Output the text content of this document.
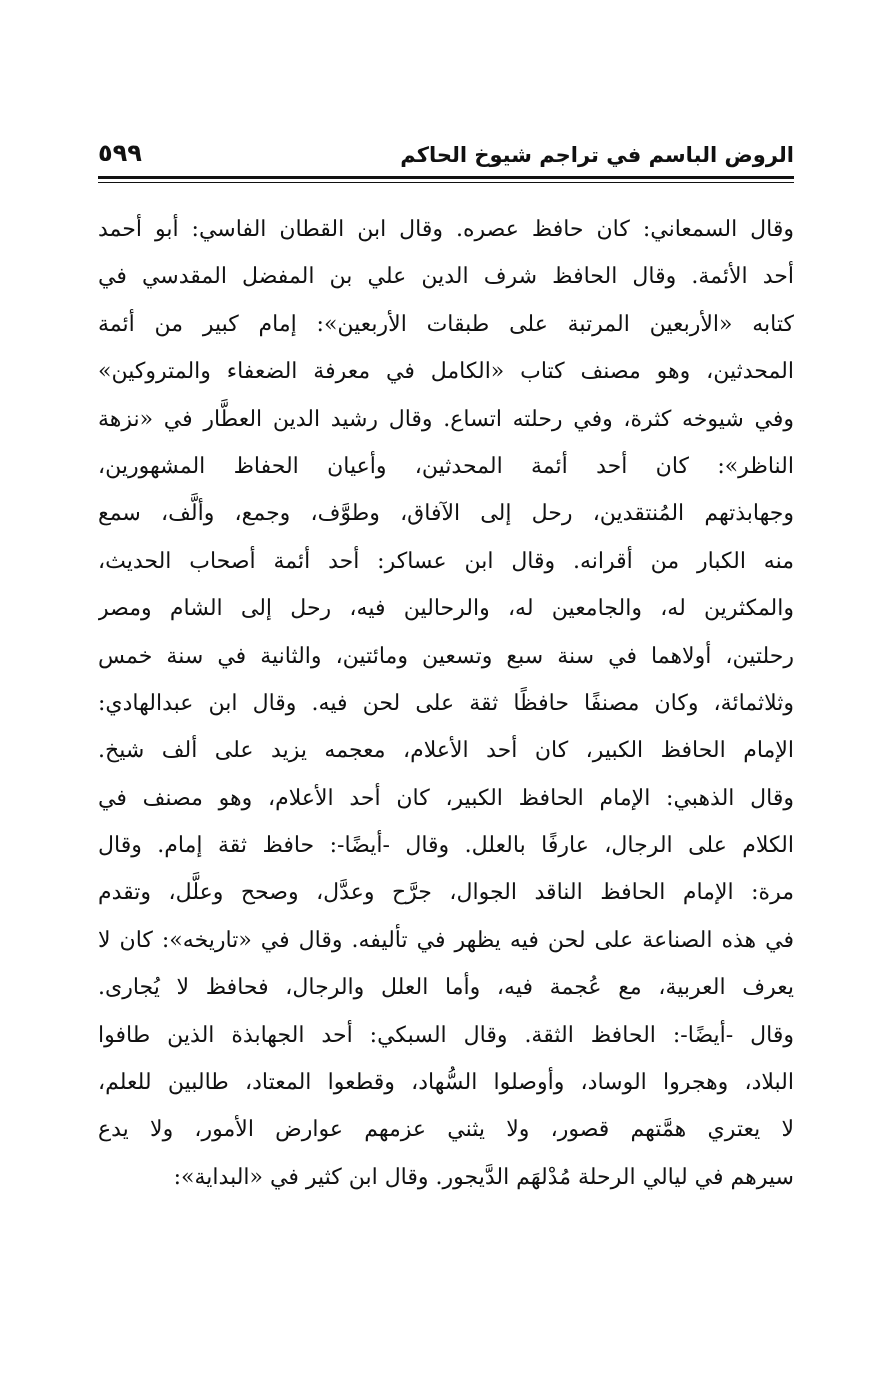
الروض الباسم في تراجم شيوخ الحاكم
٥٩٩
وقال السمعاني: كان حافظ عصره. وقال ابن القطان الفاسي: أبو أحمد
أحد الأئمة. وقال الحافظ شرف الدين علي بن المفضل المقدسي في
كتابه «الأربعين المرتبة على طبقات الأربعين»: إمام كبير من أئمة
المحدثين، وهو مصنف كتاب «الكامل في معرفة الضعفاء والمتروكين»
وفي شيوخه كثرة، وفي رحلته اتساع. وقال رشيد الدين العطَّار في «نزهة
الناظر»: كان أحد أئمة المحدثين، وأعيان الحفاظ المشهورين،
وجهابذتهم المُنتقدين، رحل إلى الآفاق، وطوَّف، وجمع، وألَّف، سمع
منه الكبار من أقرانه. وقال ابن عساكر: أحد أئمة أصحاب الحديث،
والمكثرين له، والجامعين له، والرحالين فيه، رحل إلى الشام ومصر
رحلتين، أولاهما في سنة سبع وتسعين ومائتين، والثانية في سنة خمس
وثلاثمائة، وكان مصنفًا حافظًا ثقة على لحن فيه. وقال ابن عبدالهادي:
الإمام الحافظ الكبير، كان أحد الأعلام، معجمه يزيد على ألف شيخ.
وقال الذهبي: الإمام الحافظ الكبير، كان أحد الأعلام، وهو مصنف في
الكلام على الرجال، عارفًا بالعلل. وقال -أيضًا-: حافظ ثقة إمام. وقال
مرة: الإمام الحافظ الناقد الجوال، جرَّح وعدَّل، وصحح وعلَّل، وتقدم
في هذه الصناعة على لحن فيه يظهر في تأليفه. وقال في «تاريخه»: كان لا
يعرف العربية، مع عُجمة فيه، وأما العلل والرجال، فحافظ لا يُجارى.
وقال -أيضًا-: الحافظ الثقة. وقال السبكي: أحد الجهابذة الذين طافوا
البلاد، وهجروا الوساد، وأوصلوا السُّهاد، وقطعوا المعتاد، طالبين للعلم،
لا يعتري همَّتهم قصور، ولا يثني عزمهم عوارض الأمور، ولا يدع
سيرهم في ليالي الرحلة مُدْلهَم الدَّيجور. وقال ابن كثير في «البداية»:
